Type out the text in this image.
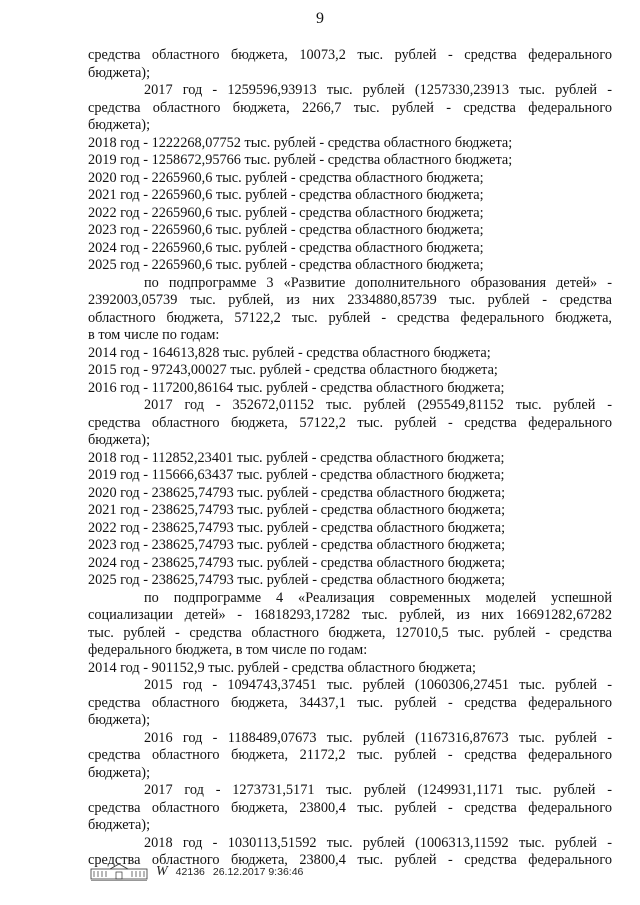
9

средства областного бюджета, 10073,2 тыс. рублей - средства федерального

бюджета);

2017 год - 1259596,93913 тыс. рублей (1257330,23913 тыс. рублей -

средства областного бюджета, 2266,7 тыс. рублей - средства федерального

бюджета);

2018 год - 1222268,07752 тыс. рублей - средства областного бюджета;

2019 год - 1258672,95766 тыс. рублей - средства областного бюджета;

2020 год - 2265960,6 тыс. рублей - средства областного бюджета;

2021 год - 2265960,6 тыс. рублей - средства областного бюджета;

2022 год - 2265960,6 тыс. рублей - средства областного бюджета;

2023 год - 2265960,6 тыс. рублей - средства областного бюджета;

2024 год - 2265960,6 тыс. рублей - средства областного бюджета;

2025 год - 2265960,6 тыс. рублей - средства областного бюджета;

по подпрограмме 3 «Развитие дополнительного образования детей» -

2392003,05739 тыс. рублей, из них 2334880,85739 тыс. рублей - средства

областного бюджета, 57122,2 тыс. рублей - средства федерального бюджета,

в том числе по годам:

2014 год - 164613,828 тыс. рублей - средства областного бюджета;

2015 год - 97243,00027 тыс. рублей - средства областного бюджета;

2016 год - 117200,86164 тыс. рублей - средства областного бюджета;

2017 год - 352672,01152 тыс. рублей (295549,81152 тыс. рублей -

средства областного бюджета, 57122,2 тыс. рублей - средства федерального

бюджета);

2018 год - 112852,23401 тыс. рублей - средства областного бюджета;

2019 год - 115666,63437 тыс. рублей - средства областного бюджета;

2020 год - 238625,74793 тыс. рублей - средства областного бюджета;

2021 год - 238625,74793 тыс. рублей - средства областного бюджета;

2022 год - 238625,74793 тыс. рублей - средства областного бюджета;

2023 год - 238625,74793 тыс. рублей - средства областного бюджета;

2024 год - 238625,74793 тыс. рублей - средства областного бюджета;

2025 год - 238625,74793 тыс. рублей - средства областного бюджета;

по подпрограмме 4 «Реализация современных моделей успешной

социализации детей» - 16818293,17282 тыс. рублей, из них 16691282,67282

тыс. рублей - средства областного бюджета, 127010,5 тыс. рублей - средства

федерального бюджета, в том числе по годам:

2014 год - 901152,9 тыс. рублей - средства областного бюджета;

2015 год - 1094743,37451 тыс. рублей (1060306,27451 тыс. рублей -

средства областного бюджета, 34437,1 тыс. рублей - средства федерального

бюджета);

2016 год - 1188489,07673 тыс. рублей (1167316,87673 тыс. рублей -

средства областного бюджета, 21172,2 тыс. рублей - средства федерального

бюджета);

2017 год - 1273731,5171 тыс. рублей (1249931,1171 тыс. рублей -

средства областного бюджета, 23800,4 тыс. рублей - средства федерального

бюджета);

2018 год - 1030113,51592 тыс. рублей (1006313,11592 тыс. рублей -

средства областного бюджета, 23800,4 тыс. рублей - средства федерального

W 42136 26.12.2017 9:36:46
